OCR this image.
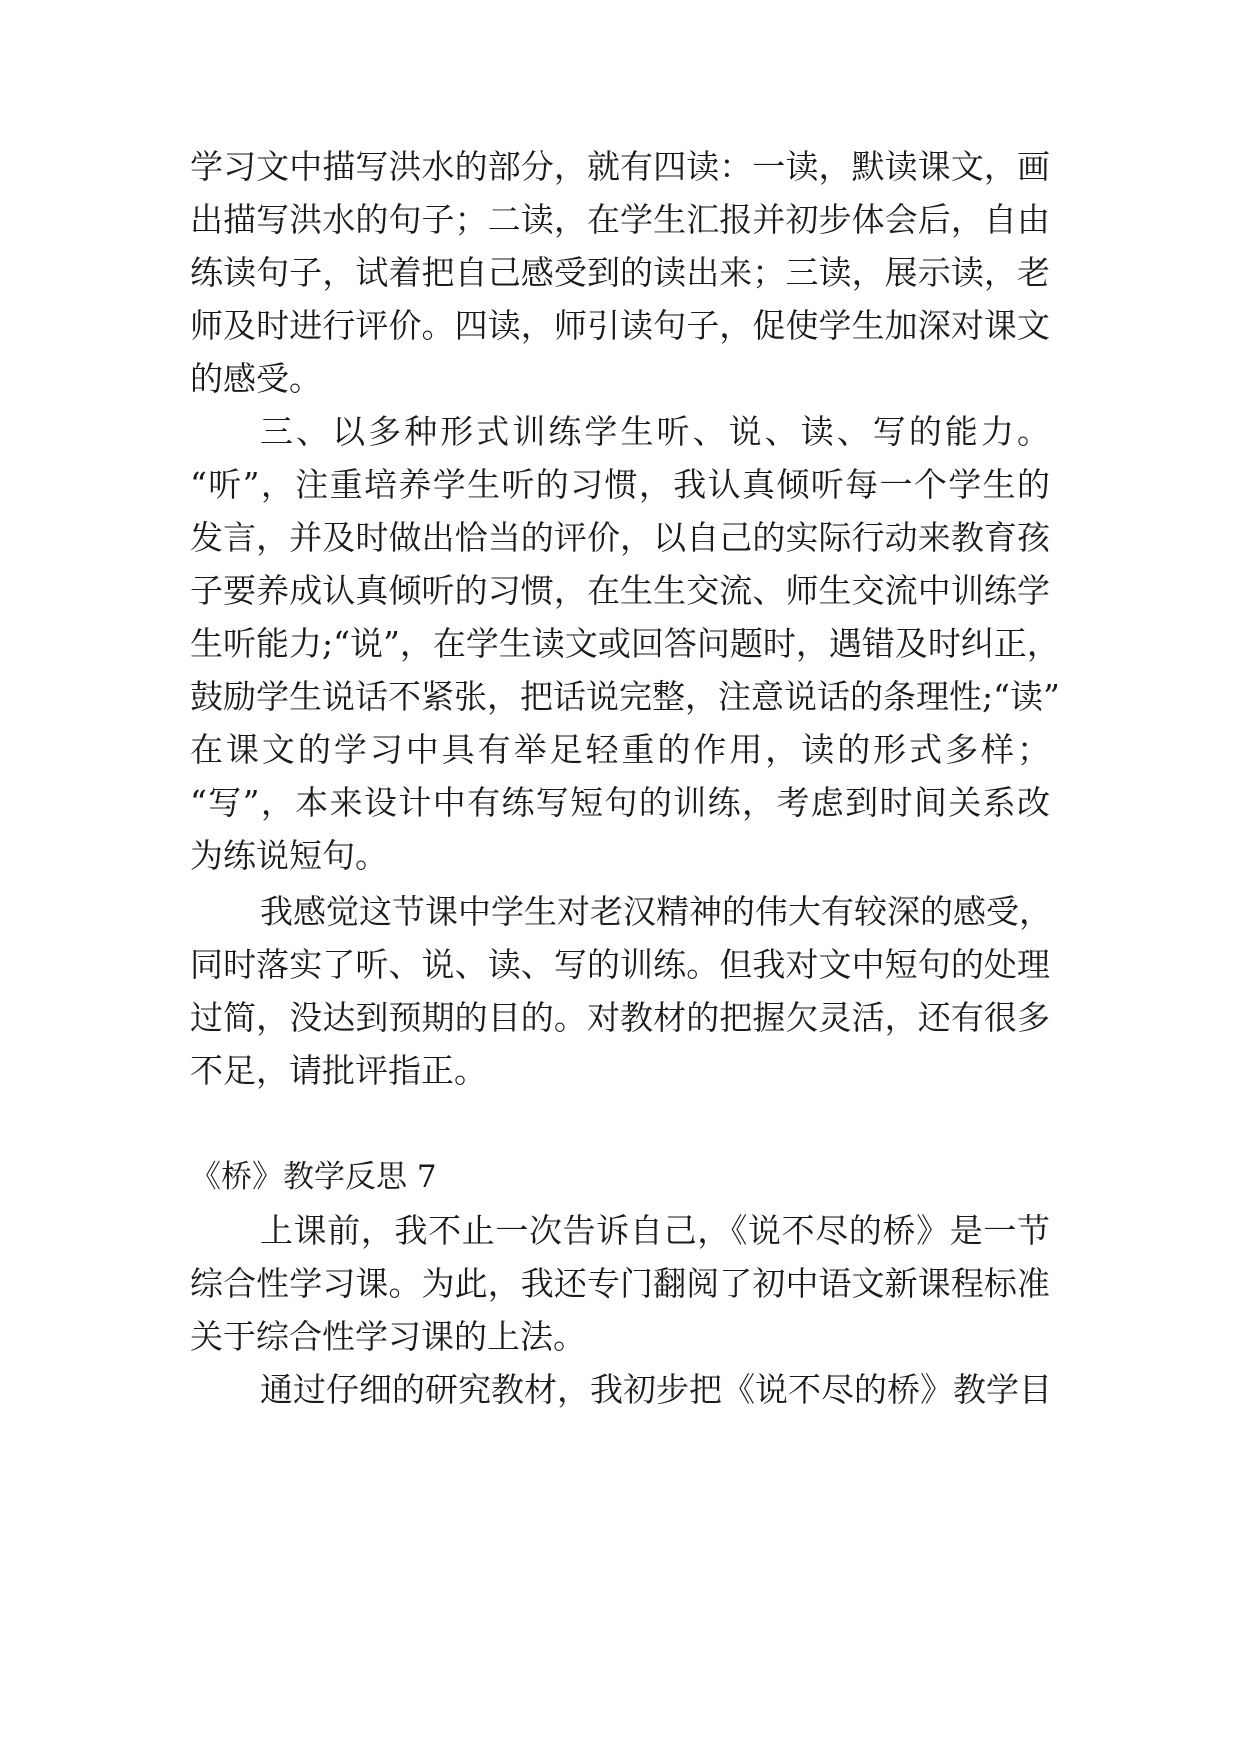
学习文中描写洪水的部分，就有四读：一读，默读课文，画
出描写洪水的句子；二读，在学生汇报并初步体会后，自由
练读句子，试着把自己感受到的读出来；三读，展示读，老
师及时进行评价。四读，师引读句子，促使学生加深对课文
的感受。
三、以多种形式训练学生听、说、读、写的能力。
“听”，注重培养学生听的习惯，我认真倾听每一个学生的
发言，并及时做出恰当的评价，以自己的实际行动来教育孩
子要养成认真倾听的习惯，在生生交流、师生交流中训练学
生听能力;“说”，在学生读文或回答问题时，遇错及时纠正，
鼓励学生说话不紧张，把话说完整，注意说话的条理性;“读”
在课文的学习中具有举足轻重的作用，读的形式多样；
“写”，本来设计中有练写短句的训练，考虑到时间关系改
为练说短句。
我感觉这节课中学生对老汉精神的伟大有较深的感受，
同时落实了听、说、读、写的训练。但我对文中短句的处理
过简，没达到预期的目的。对教材的把握欠灵活，还有很多
不足，请批评指正。
《桥》教学反思 7
上课前，我不止一次告诉自己，《说不尽的桥》是一节
综合性学习课。为此，我还专门翻阅了初中语文新课程标准
关于综合性学习课的上法。
通过仔细的研究教材，我初步把《说不尽的桥》教学目
